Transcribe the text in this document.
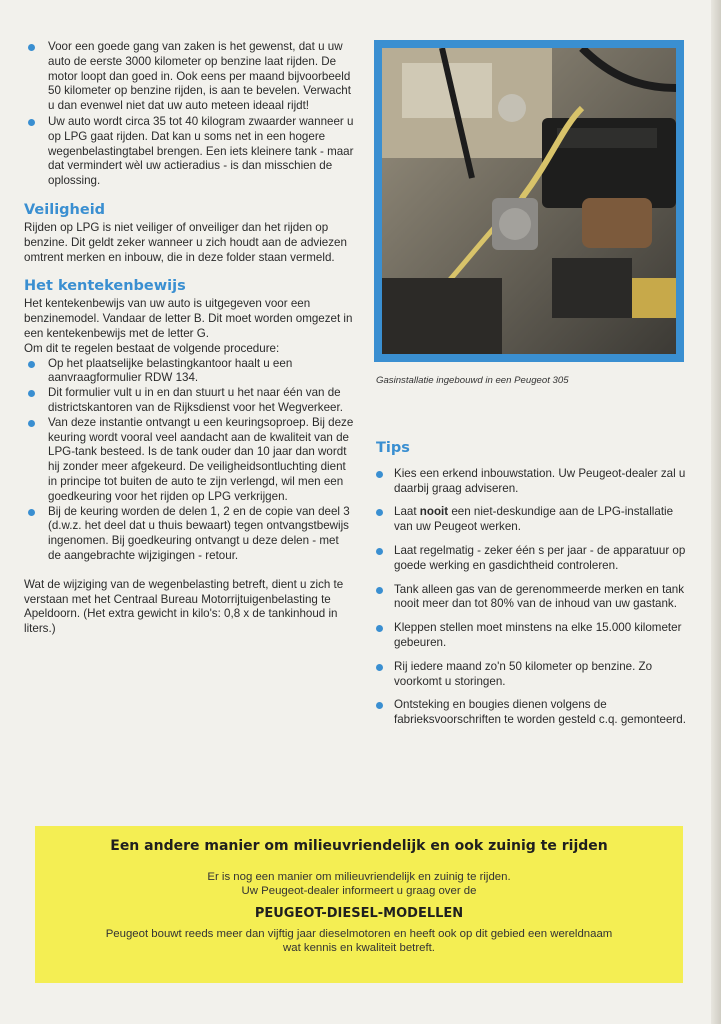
Voor een goede gang van zaken is het gewenst, dat u uw auto de eerste 3000 kilometer op benzine laat rijden. De motor loopt dan goed in. Ook eens per maand bijvoorbeeld 50 kilometer op benzine rijden, is aan te bevelen. Verwacht u dan evenwel niet dat uw auto meteen ideaal rijdt!
Uw auto wordt circa 35 tot 40 kilogram zwaarder wanneer u op LPG gaat rijden. Dat kan u soms net in een hogere wegenbelastingtabel brengen. Een iets kleinere tank - maar dat vermindert wèl uw actieradius - is dan misschien de oplossing.
Veiligheid

Rijden op LPG is niet veiliger of onveiliger dan het rijden op benzine. Dit geldt zeker wanneer u zich houdt aan de adviezen omtrent merken en inbouw, die in deze folder staan vermeld.

Het kentekenbewijs

Het kentekenbewijs van uw auto is uitgegeven voor een benzinemodel. Vandaar de letter B. Dit moet worden omgezet in een kentekenbewijs met de letter G.

Om dit te regelen bestaat de volgende procedure:

Op het plaatselijke belastingkantoor haalt u een aanvraagformulier RDW 134.
Dit formulier vult u in en dan stuurt u het naar één van de districtskantoren van de Rijksdienst voor het Wegverkeer.
Van deze instantie ontvangt u een keuringsoproep. Bij deze keuring wordt vooral veel aandacht aan de kwaliteit van de LPG-tank besteed. Is de tank ouder dan 10 jaar dan wordt hij zonder meer afgekeurd. De veiligheidsontluchting dient in principe tot buiten de auto te zijn verlengd, wil men een goedkeuring voor het rijden op LPG verkrijgen.
Bij de keuring worden de delen 1, 2 en de copie van deel 3 (d.w.z. het deel dat u thuis bewaart) tegen ontvangstbewijs ingenomen. Bij goedkeuring ontvangt u deze delen - met de aangebrachte wijzigingen - retour.

Wat de wijziging van de wegenbelasting betreft, dient u zich te verstaan met het Centraal Bureau Motorrijtuigenbelasting te Apeldoorn. (Het extra gewicht in kilo's: 0,8 x de tankinhoud in liters.)

Gasinstallatie ingebouwd in een Peugeot 305

Tips
Kies een erkend inbouwstation. Uw Peugeot-dealer zal u daarbij graag adviseren.
Laat nooit een niet-deskundige aan de LPG-installatie van uw Peugeot werken.
Laat regelmatig - zeker één s per jaar - de apparatuur op goede werking en gasdichtheid controleren.
Tank alleen gas van de gerenommeerde merken en tank nooit meer dan tot 80% van de inhoud van uw gastank.
Kleppen stellen moet minstens na elke 15.000 kilometer gebeuren.
Rij iedere maand zo'n 50 kilometer op benzine. Zo voorkomt u storingen.
Ontsteking en bougies dienen volgens de fabrieksvoorschriften te worden gesteld c.q. gemonteerd.
Een andere manier om milieuvriendelijk en ook zuinig te rijden
Er is nog een manier om milieuvriendelijk en zuinig te rijden.
Uw Peugeot-dealer informeert u graag over de
PEUGEOT-DIESEL-MODELLEN
Peugeot bouwt reeds meer dan vijftig jaar dieselmotoren en heeft ook op dit gebied een wereldnaam
wat kennis en kwaliteit betreft.
